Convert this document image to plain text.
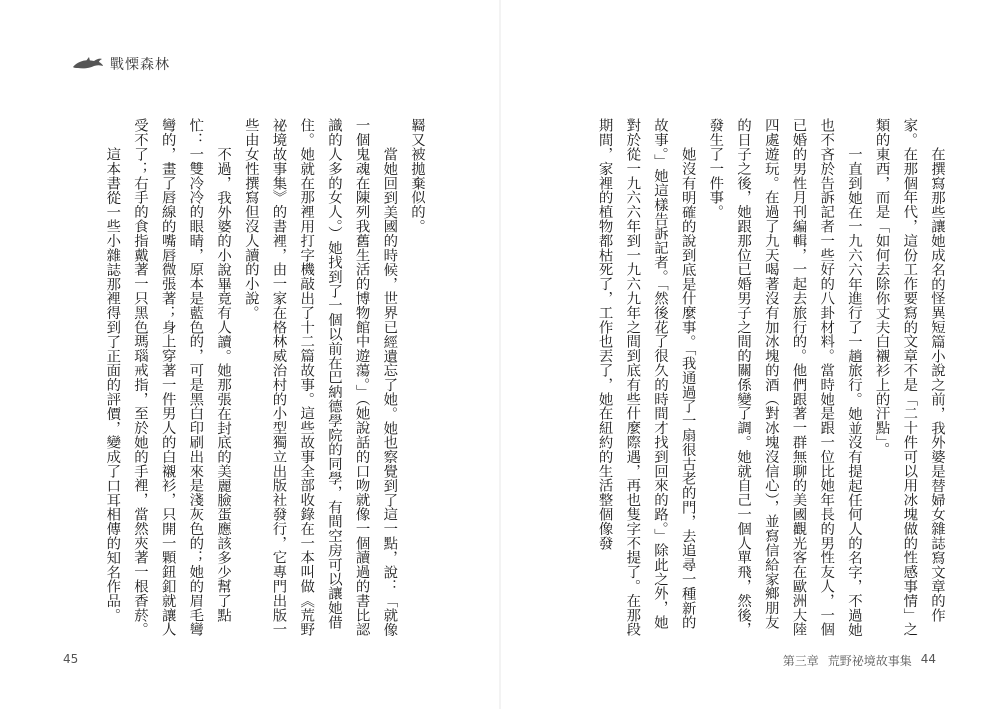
戰慄森林

羇又被拋棄似的。

當她回到美國的時候，世界已經遺忘了她。她也察覺到了這一點，說：「就像一個鬼魂在陳列我舊生活的博物館中遊蕩。」（她說話的口吻就像一個讀過的書比認識的人多的女人。）她找到了一個以前在巴納德學院的同學，有間空房可以讓她借住。她就在那裡用打字機敲出了十二篇故事。這些故事全部收錄在一本叫做《荒野祕境故事集》的書裡，由一家在格林威治村的小型獨立出版社發行，它專門出版一些由女性撰寫但沒人讀的小說。

不過，我外婆的小說畢竟有人讀。她那張在封底的美麗臉蛋應該多少幫了點忙：一雙冷冷的眼睛，原本是藍色的，可是黑白印刷出來是淺灰色的；她的眉毛彎彎的，畫了唇線的嘴唇微張著；身上穿著一件男人的白襯衫，只開一顆鈕釦就讓人受不了；右手的食指戴著一只黑色瑪瑙戒指，至於她的手裡，當然夾著一根香菸。

這本書從一些小雜誌那裡得到了正面的評價，變成了口耳相傳的知名作品。

45

在撰寫那些讓她成名的怪異短篇小說之前，我外婆是替婦女雜誌寫文章的作家。在那個年代，這份工作要寫的文章不是「二十件可以用冰塊做的性感事情」之類的東西，而是「如何去除你丈夫白襯衫上的汗點」。

一直到她在一九六六年進行了一趟旅行。她並沒有提起任何人的名字，不過她也不吝於告訴記者一些好的八卦材料。當時她是跟一位比她年長的男性友人，一個已婚的男性月刊編輯，一起去旅行的。他們跟著一群無聊的美國觀光客在歐洲大陸四處遊玩。在過了九天喝著沒有加冰塊的酒（對冰塊沒信心），並寫信給家鄉朋友的日子之後，她跟那位已婚男子之間的關係變了調。她就自己一個人單飛，然後，發生了一件事。

她沒有明確的說到底是什麼事。「我通過了一扇很古老的門，去追尋一種新的故事。」她這樣告訴記者。「然後花了很久的時間才找到回來的路。」除此之外，她對於從一九六六年到一九六九年之間到底有些什麼際遇，再也隻字不提了。在那段期間，家裡的植物都枯死了，工作也丟了，她在紐約的生活整個像發

第三章 荒野祕境故事集 44
